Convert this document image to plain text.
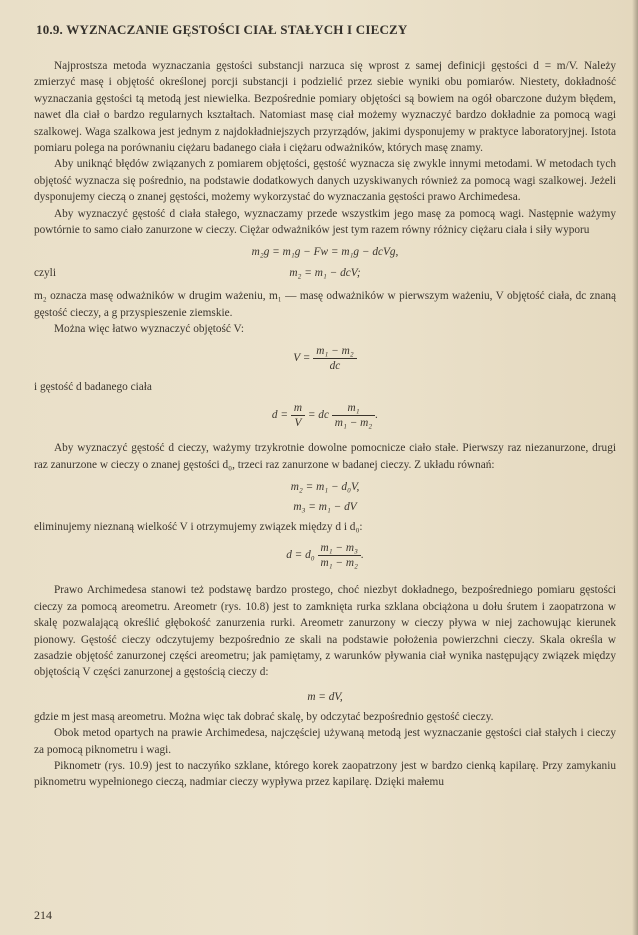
10.9. WYZNACZANIE GĘSTOŚCI CIAŁ STAŁYCH I CIECZY

Najprostsza metoda wyznaczania gęstości substancji narzuca się wprost z samej definicji gęstości d = m/V. Należy zmierzyć masę i objętość określonej porcji substancji i podzielić przez siebie wyniki obu pomiarów. Niestety, dokładność wyznaczania gęstości tą metodą jest niewielka. Bezpośrednie pomiary objętości są bowiem na ogół obarczone dużym błędem, nawet dla ciał o bardzo regularnych kształtach. Natomiast masę ciał możemy wyznaczyć bardzo dokładnie za pomocą wagi szalkowej. Waga szalkowa jest jednym z najdokładniejszych przyrządów, jakimi dysponujemy w praktyce laboratoryjnej. Istota pomiaru polega na porównaniu ciężaru badanego ciała i ciężaru odważników, których masę znamy.

Aby uniknąć błędów związanych z pomiarem objętości, gęstość wyznacza się zwykle innymi metodami. W metodach tych objętość wyznacza się pośrednio, na podstawie dodatkowych danych uzyskiwanych również za pomocą wagi szalkowej. Jeżeli dysponujemy cieczą o znanej gęstości, możemy wykorzystać do wyznaczania gęstości prawo Archimedesa.

Aby wyznaczyć gęstość d ciała stałego, wyznaczamy przede wszystkim jego masę za pomocą wagi. Następnie ważymy powtórnie to samo ciało zanurzone w cieczy. Ciężar odważników jest tym razem równy różnicy ciężaru ciała i siły wyporu

m₂g = m₁g − Fw = m₁g − dcVg,
czyli	m₂ = m₁ − dcV;

m₂ oznacza masę odważników w drugim ważeniu, m₁ — masę odważników w pierwszym ważeniu, V objętość ciała, dc znaną gęstość cieczy, a g przyspieszenie ziemskie.

Można więc łatwo wyznaczyć objętość V:

$V = \frac{\text{m₁ − m₂}}{dc}$

i gęstość d badanego ciała

$d = \frac{m}{V}$ = dc $\frac{\text{m₁}}{\text{m₁ − m₂}}$ .

Aby wyznaczyć gęstość d cieczy, ważymy trzykrotnie dowolne pomocnicze ciało stałe. Pierwszy raz niezanurzone, drugi raz zanurzone w cieczy o znanej gęstości d₀, trzeci raz zanurzone w badanej cieczy. Z układu równań:

m₂ = m₁ − d₀V,
m₃ = m₁ − dV

eliminujemy nieznaną wielkość V i otrzymujemy związek między d i d₀:

$d = d_0 \frac{\text{m₁ − m₃}}{\text{m₁ − m₂}}$ .

Prawo Archimedesa stanowi też podstawę bardzo prostego, choć niezbyt dokładnego, bezpośredniego pomiaru gęstości cieczy za pomocą areometru. Areometr (rys. 10.8) jest to zamknięta rurka szklana obciążona u dołu śrutem i zaopatrzona w skalę pozwalającą określić głębokość zanurzenia rurki. Areometr zanurzony w cieczy pływa w niej zachowując kierunek pionowy. Gęstość cieczy odczytujemy bezpośrednio ze skali na podstawie położenia powierzchni cieczy. Skala określa w zasadzie objętość zanurzonej części areometru; jak pamiętamy, z warunków pływania ciał wynika następujący związek między objętością V części zanurzonej a gęstością cieczy d:

m = dV,

gdzie m jest masą areometru. Można więc tak dobrać skalę, by odczytać bezpośrednio gęstość cieczy.

Obok metod opartych na prawie Archimedesa, najczęściej używaną metodą jest wyznaczanie gęstości ciał stałych i cieczy za pomocą piknometru i wagi.

Piknometr (rys. 10.9) jest to naczyńko szklane, którego korek zaopatrzony jest w bardzo cienką kapilarę. Przy zamykaniu piknometru wypełnionego cieczą, nadmiar cieczy wypływa przez kapilarę. Dzięki małemu

214
